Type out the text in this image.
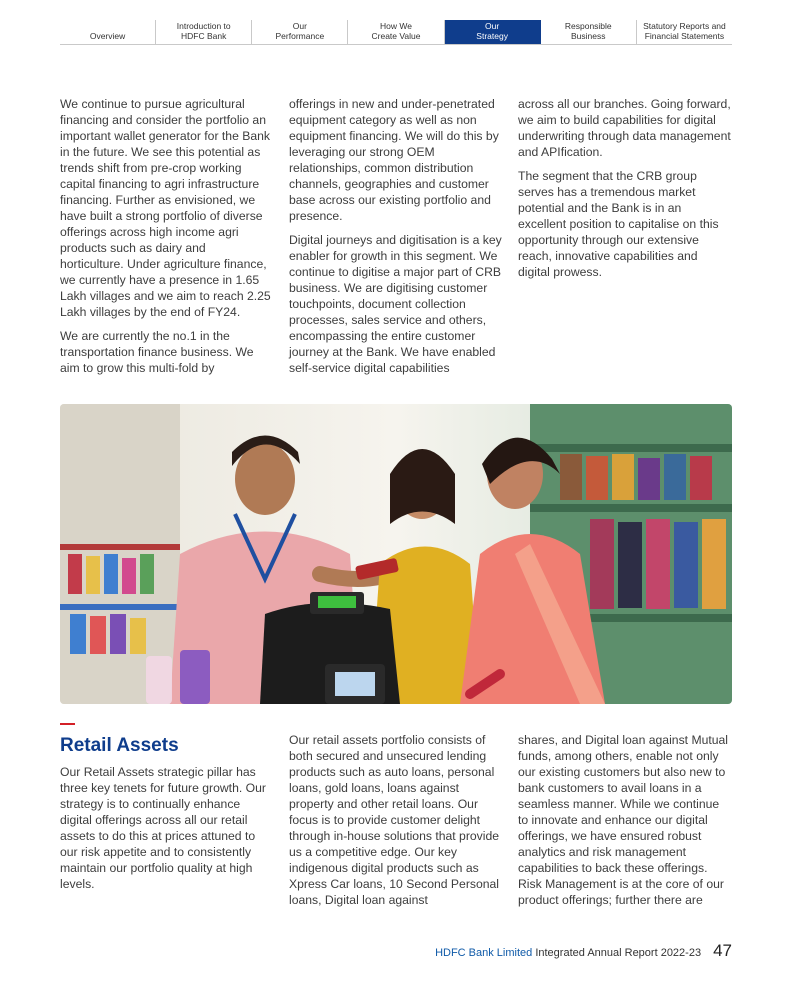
Overview
Introduction to
HDFC Bank
Our
Performance
How We
Create Value
Our
Strategy
Responsible
Business
Statutory Reports and
Financial Statements

We continue to pursue agricultural financing and consider the portfolio an important wallet generator for the Bank in the future. We see this potential as trends shift from pre-crop working capital financing to agri infrastructure financing. Further as envisioned, we have built a strong portfolio of diverse offerings across high income agri products such as dairy and horticulture. Under agriculture finance, we currently have a presence in 1.65 Lakh villages and we aim to reach 2.25 Lakh villages by the end of FY24.

We are currently the no.1 in the transportation finance business. We aim to grow this multi-fold by

offerings in new and under-penetrated equipment category as well as non equipment financing. We will do this by leveraging our strong OEM relationships, common distribution channels, geographies and customer base across our existing portfolio and presence.

Digital journeys and digitisation is a key enabler for growth in this segment. We continue to digitise a major part of CRB business. We are digitising customer touchpoints, document collection processes, sales service and others, encompassing the entire customer journey at the Bank. We have enabled self-service digital capabilities

across all our branches. Going forward, we aim to build capabilities for digital underwriting through data management and APIfication.

The segment that the CRB group serves has a tremendous market potential and the Bank is in an excellent position to capitalise on this opportunity through our extensive reach, innovative capabilities and digital prowess.

Retail Assets

Our Retail Assets strategic pillar has three key tenets for future growth. Our strategy is to continually enhance digital offerings across all our retail assets to do this at prices attuned to our risk appetite and to consistently maintain our portfolio quality at high levels.

Our retail assets portfolio consists of both secured and unsecured lending products such as auto loans, personal loans, gold loans, loans against property and other retail loans. Our focus is to provide customer delight through in-house solutions that provide us a competitive edge. Our key indigenous digital products such as Xpress Car loans, 10 Second Personal loans, Digital loan against

shares, and Digital loan against Mutual funds, among others, enable not only our existing customers but also new to bank customers to avail loans in a seamless manner. While we continue to innovate and enhance our digital offerings, we have ensured robust analytics and risk management capabilities to back these offerings. Risk Management is at the core of our product offerings; further there are

HDFC Bank Limited Integrated Annual Report 2022-23 47
